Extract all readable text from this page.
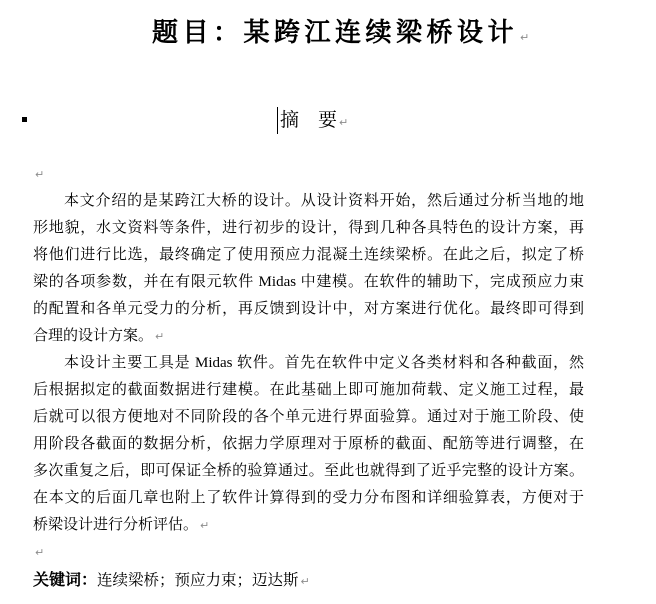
题目：某跨江连续梁桥设计 ↵
摘　要 ↵
↵
本文介绍的是某跨江大桥的设计。从设计资料开始，然后通过分析当地的地
形地貌，水文资料等条件，进行初步的设计，得到几种各具特色的设计方案，再
将他们进行比选，最终确定了使用预应力混凝土连续梁桥。在此之后，拟定了桥
梁的各项参数，并在有限元软件 Midas 中建模。在软件的辅助下，完成预应力束
的配置和各单元受力的分析，再反馈到设计中，对方案进行优化。最终即可得到
合理的设计方案。 ↵
本设计主要工具是 Midas 软件。首先在软件中定义各类材料和各种截面，然
后根据拟定的截面数据进行建模。在此基础上即可施加荷载、定义施工过程，最
后就可以很方便地对不同阶段的各个单元进行界面验算。通过对于施工阶段、使
用阶段各截面的数据分析，依据力学原理对于原桥的截面、配筋等进行调整，在
多次重复之后，即可保证全桥的验算通过。至此也就得到了近乎完整的设计方案。
在本文的后面几章也附上了软件计算得到的受力分布图和详细验算表，方便对于
桥梁设计进行分析评估。 ↵
↵
关键词：连续梁桥；预应力束；迈达斯 ↵
